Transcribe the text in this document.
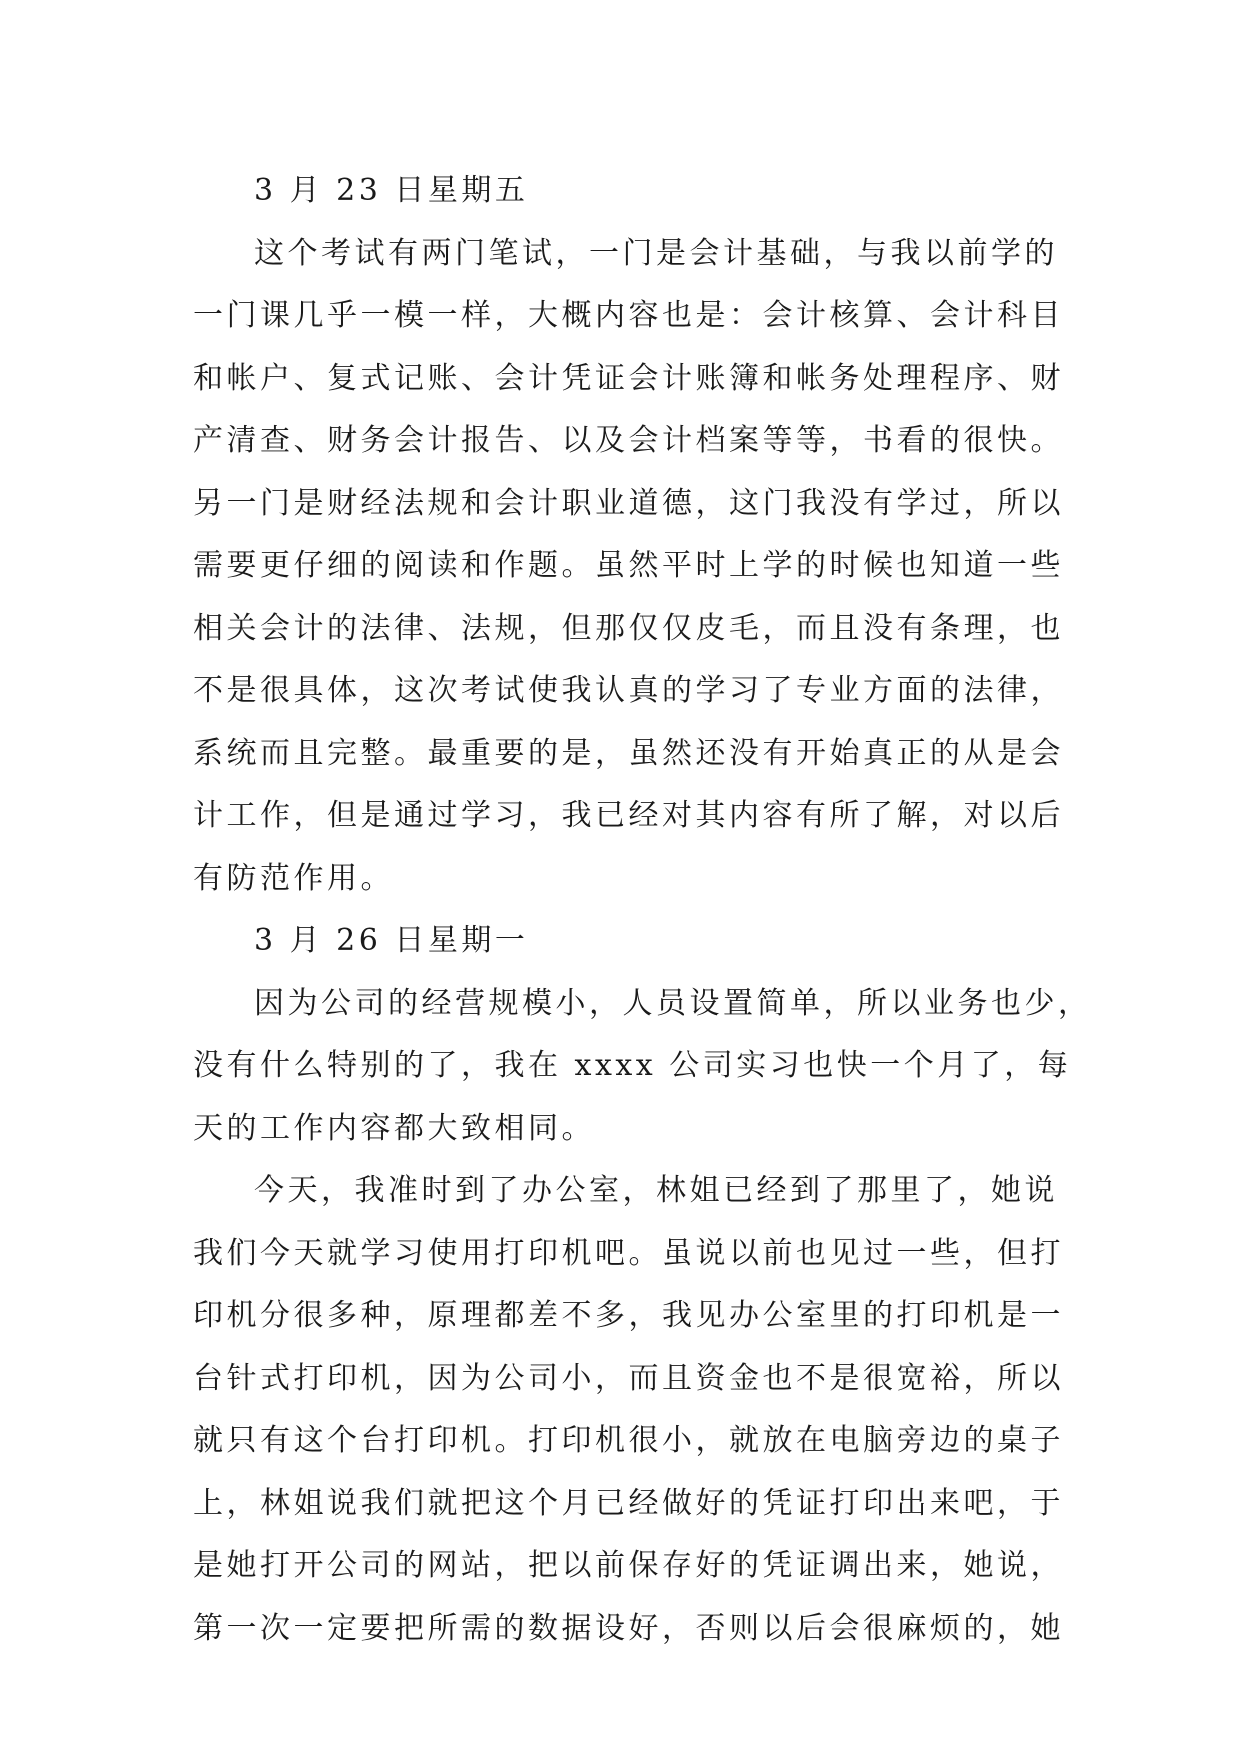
3 月 23 日星期五
这个考试有两门笔试，一门是会计基础，与我以前学的
一门课几乎一模一样，大概内容也是：会计核算、会计科目
和帐户、复式记账、会计凭证会计账簿和帐务处理程序、财
产清查、财务会计报告、以及会计档案等等，书看的很快。
另一门是财经法规和会计职业道德，这门我没有学过，所以
需要更仔细的阅读和作题。虽然平时上学的时候也知道一些
相关会计的法律、法规，但那仅仅皮毛，而且没有条理，也
不是很具体，这次考试使我认真的学习了专业方面的法律，
系统而且完整。最重要的是，虽然还没有开始真正的从是会
计工作，但是通过学习，我已经对其内容有所了解，对以后
有防范作用。
3 月 26 日星期一
因为公司的经营规模小，人员设置简单，所以业务也少，
没有什么特别的了，我在 xxxx 公司实习也快一个月了，每
天的工作内容都大致相同。
今天，我准时到了办公室，林姐已经到了那里了，她说
我们今天就学习使用打印机吧。虽说以前也见过一些，但打
印机分很多种，原理都差不多，我见办公室里的打印机是一
台针式打印机，因为公司小，而且资金也不是很宽裕，所以
就只有这个台打印机。打印机很小，就放在电脑旁边的桌子
上，林姐说我们就把这个月已经做好的凭证打印出来吧，于
是她打开公司的网站，把以前保存好的凭证调出来，她说，
第一次一定要把所需的数据设好，否则以后会很麻烦的，她
